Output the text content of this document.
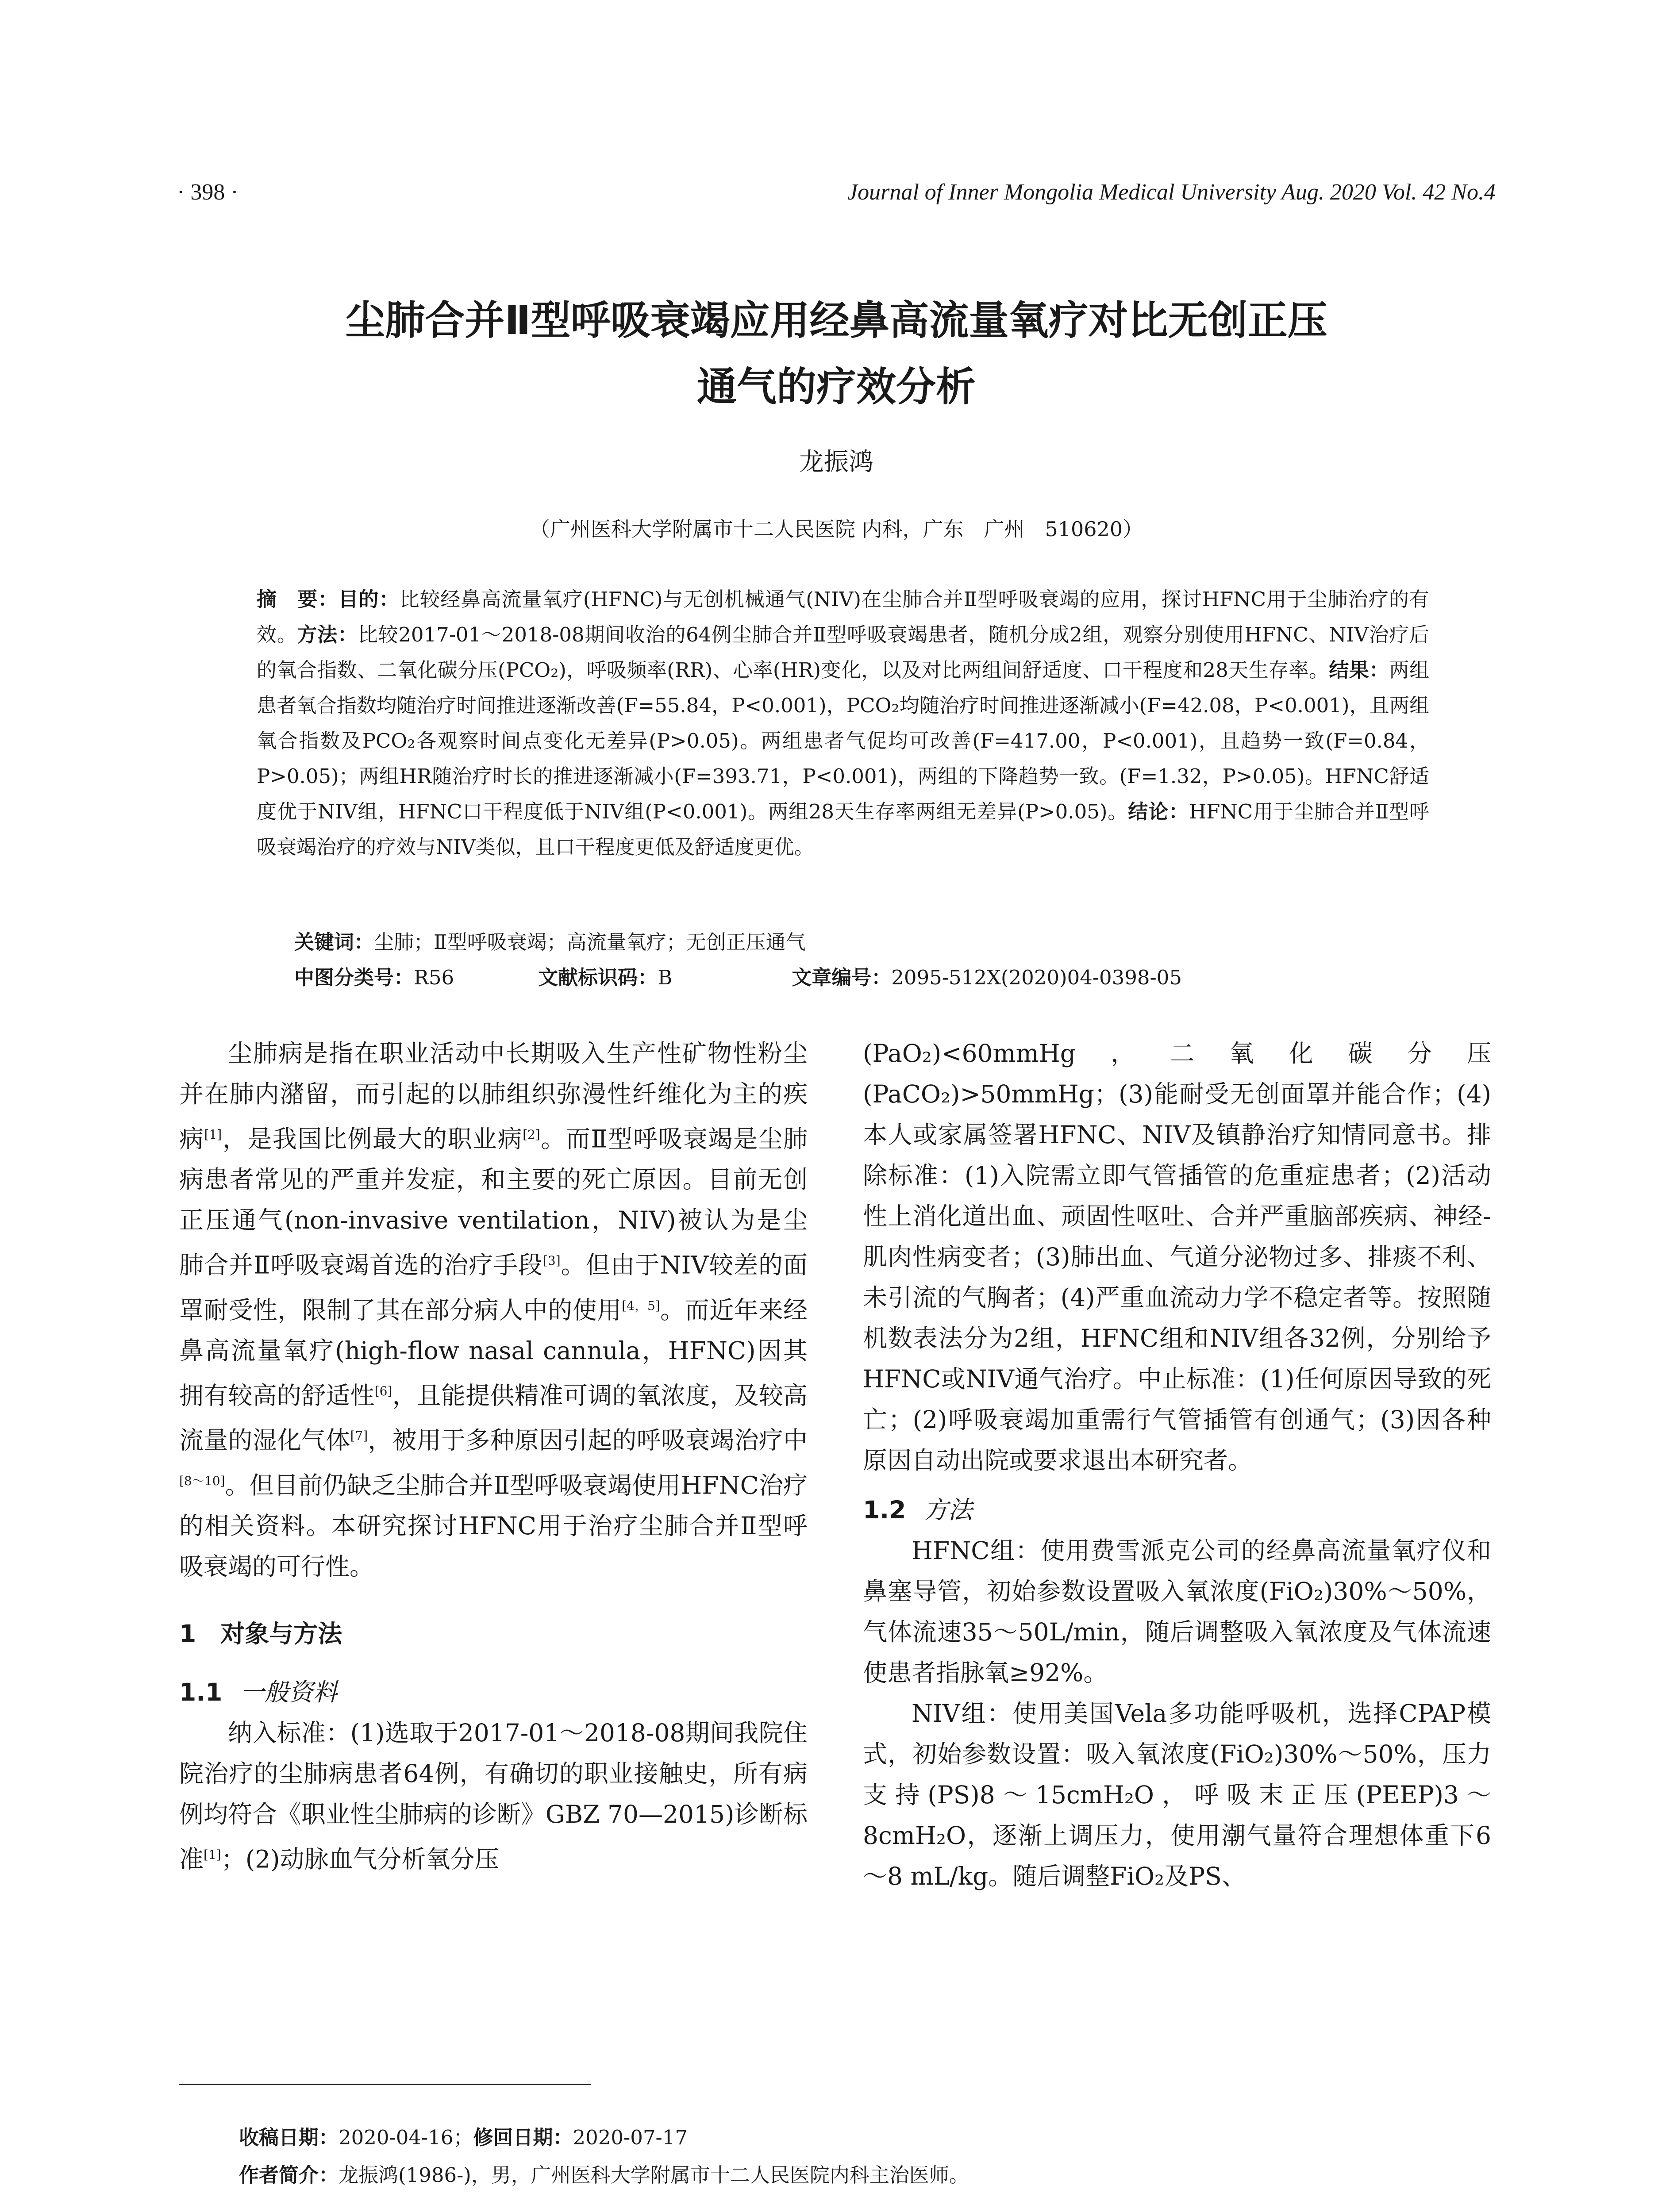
· 398 ·	Journal of Inner Mongolia Medical University Aug. 2020 Vol. 42 No.4
尘肺合并Ⅱ型呼吸衰竭应用经鼻高流量氧疗对比无创正压
通气的疗效分析
龙振鸿
（广州医科大学附属市十二人民医院 内科，广东　广州　510620）
摘　要：目的：比较经鼻高流量氧疗(HFNC)与无创机械通气(NIV)在尘肺合并Ⅱ型呼吸衰竭的应用，探讨HFNC用于尘肺治疗的有效。方法：比较2017-01～2018-08期间收治的64例尘肺合并Ⅱ型呼吸衰竭患者，随机分成2组，观察分别使用HFNC、NIV治疗后的氧合指数、二氧化碳分压(PCO₂)，呼吸频率(RR)、心率(HR)变化，以及对比两组间舒适度、口干程度和28天生存率。结果：两组患者氧合指数均随治疗时间推进逐渐改善(F=55.84，P<0.001)，PCO₂均随治疗时间推进逐渐减小(F=42.08，P<0.001)，且两组氧合指数及PCO₂各观察时间点变化无差异(P>0.05)。两组患者气促均可改善(F=417.00，P<0.001)，且趋势一致(F=0.84，P>0.05)；两组HR随治疗时长的推进逐渐减小(F=393.71，P<0.001)，两组的下降趋势一致。(F=1.32，P>0.05)。HFNC舒适度优于NIV组，HFNC口干程度低于NIV组(P<0.001)。两组28天生存率两组无差异(P>0.05)。结论：HFNC用于尘肺合并Ⅱ型呼吸衰竭治疗的疗效与NIV类似，且口干程度更低及舒适度更优。
关键词：尘肺；Ⅱ型呼吸衰竭；高流量氧疗；无创正压通气
中图分类号：R56	文献标识码：B	文章编号：2095-512X(2020)04-0398-05

尘肺病是指在职业活动中长期吸入生产性矿物性粉尘并在肺内潴留，而引起的以肺组织弥漫性纤维化为主的疾病[1]，是我国比例最大的职业病[2]。而Ⅱ型呼吸衰竭是尘肺病患者常见的严重并发症，和主要的死亡原因。目前无创正压通气(non-invasive ventilation，NIV)被认为是尘肺合并Ⅱ呼吸衰竭首选的治疗手段[3]。但由于NIV较差的面罩耐受性，限制了其在部分病人中的使用[4，5]。而近年来经鼻高流量氧疗(high-flow nasal cannula，HFNC)因其拥有较高的舒适性[6]，且能提供精准可调的氧浓度，及较高流量的湿化气体[7]，被用于多种原因引起的呼吸衰竭治疗中[8～10]。但目前仍缺乏尘肺合并Ⅱ型呼吸衰竭使用HFNC治疗的相关资料。本研究探讨HFNC用于治疗尘肺合并Ⅱ型呼吸衰竭的可行性。

1　对象与方法
1.1 一般资料

纳入标准：(1)选取于2017-01～2018-08期间我院住院治疗的尘肺病患者64例，有确切的职业接触史，所有病例均符合《职业性尘肺病的诊断》GBZ 70—2015)诊断标准[1]；(2)动脉血气分析氧分压

(PaO₂)<60mmHg，二氧化碳分压(PaCO₂)>50mmHg；(3)能耐受无创面罩并能合作；(4)本人或家属签署HFNC、NIV及镇静治疗知情同意书。排除标准：(1)入院需立即气管插管的危重症患者；(2)活动性上消化道出血、顽固性呕吐、合并严重脑部疾病、神经-肌肉性病变者；(3)肺出血、气道分泌物过多、排痰不利、未引流的气胸者；(4)严重血流动力学不稳定者等。按照随机数表法分为2组，HFNC组和NIV组各32例，分别给予HFNC或NIV通气治疗。中止标准：(1)任何原因导致的死亡；(2)呼吸衰竭加重需行气管插管有创通气；(3)因各种原因自动出院或要求退出本研究者。

1.2 方法

HFNC组：使用费雪派克公司的经鼻高流量氧疗仪和鼻塞导管，初始参数设置吸入氧浓度(FiO₂)30%～50%，气体流速35～50L/min，随后调整吸入氧浓度及气体流速使患者指脉氧≥92%。

NIV组：使用美国Vela多功能呼吸机，选择CPAP模式，初始参数设置：吸入氧浓度(FiO₂)30%～50%，压力支持(PS)8～15cmH₂O，呼吸末正压(PEEP)3～8cmH₂O，逐渐上调压力，使用潮气量符合理想体重下6～8 mL/kg。随后调整FiO₂及PS、

收稿日期：2020-04-16；修回日期：2020-07-17
作者简介：龙振鸿(1986-)，男，广州医科大学附属市十二人民医院内科主治医师。
